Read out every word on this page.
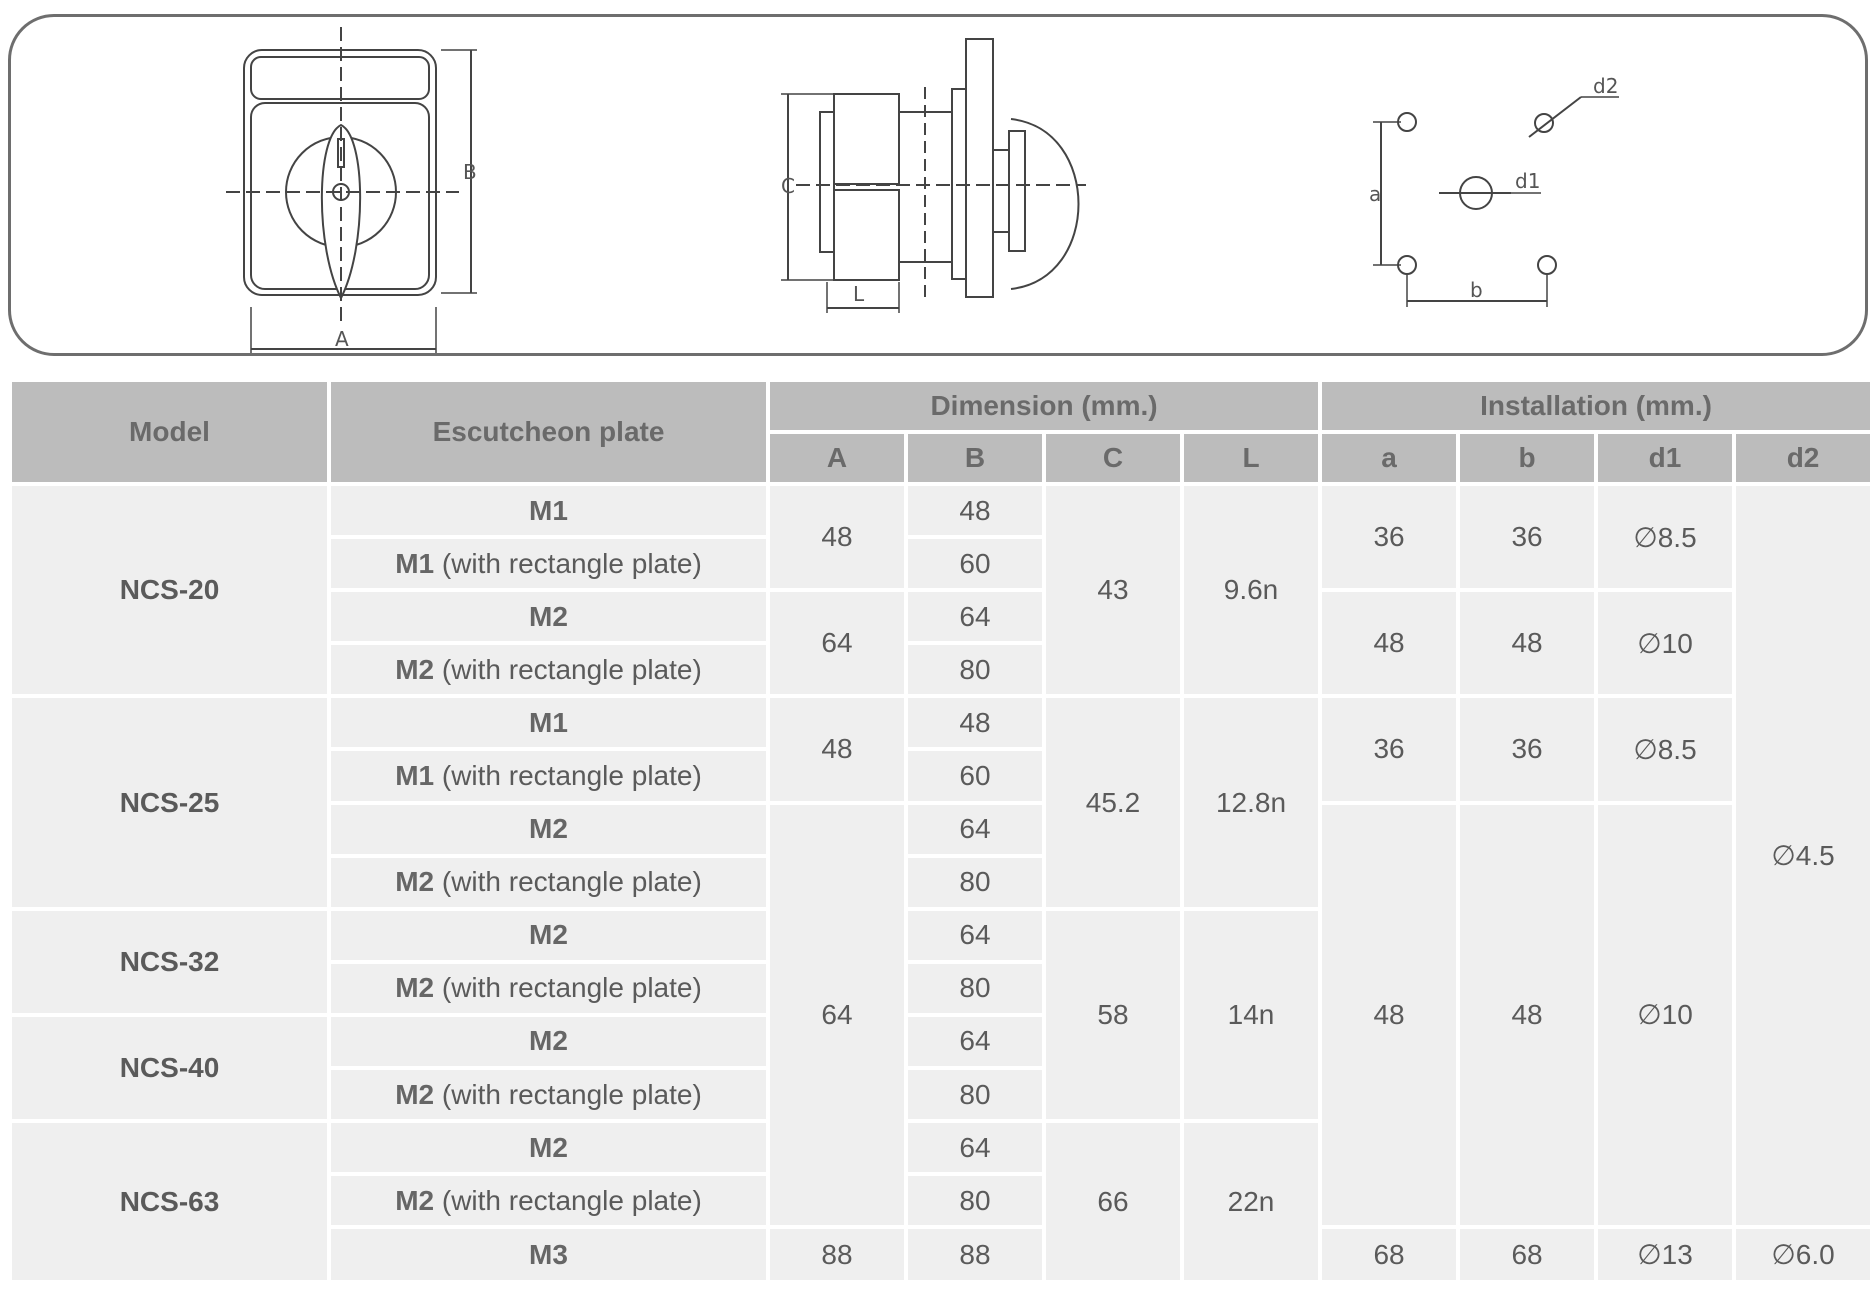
A
B
C
L
a
b
d1
d2
Model	Escutcheon plate	Dimension (mm.)				Installation (mm.)			
		A	B	C	L	a	b	d1	d2
NCS-20	M1	48	48	43	9.6n	36	36	∅8.5	∅4.5
	M1 (with rectangle plate)		60						
	M2	64	64			48	48	∅10	
	M2 (with rectangle plate)		80						
NCS-25	M1	48	48	45.2	12.8n	36	36	∅8.5	
	M1 (with rectangle plate)		60						
	M2	64	64			48	48	∅10	
	M2 (with rectangle plate)		80						
NCS-32	M2		64	58	14n				
	M2 (with rectangle plate)		80						
NCS-40	M2		64						
	M2 (with rectangle plate)		80						
NCS-63	M2		64	66	22n				
	M2 (with rectangle plate)		80						
	M3	88	88			68	68	∅13	∅6.0
